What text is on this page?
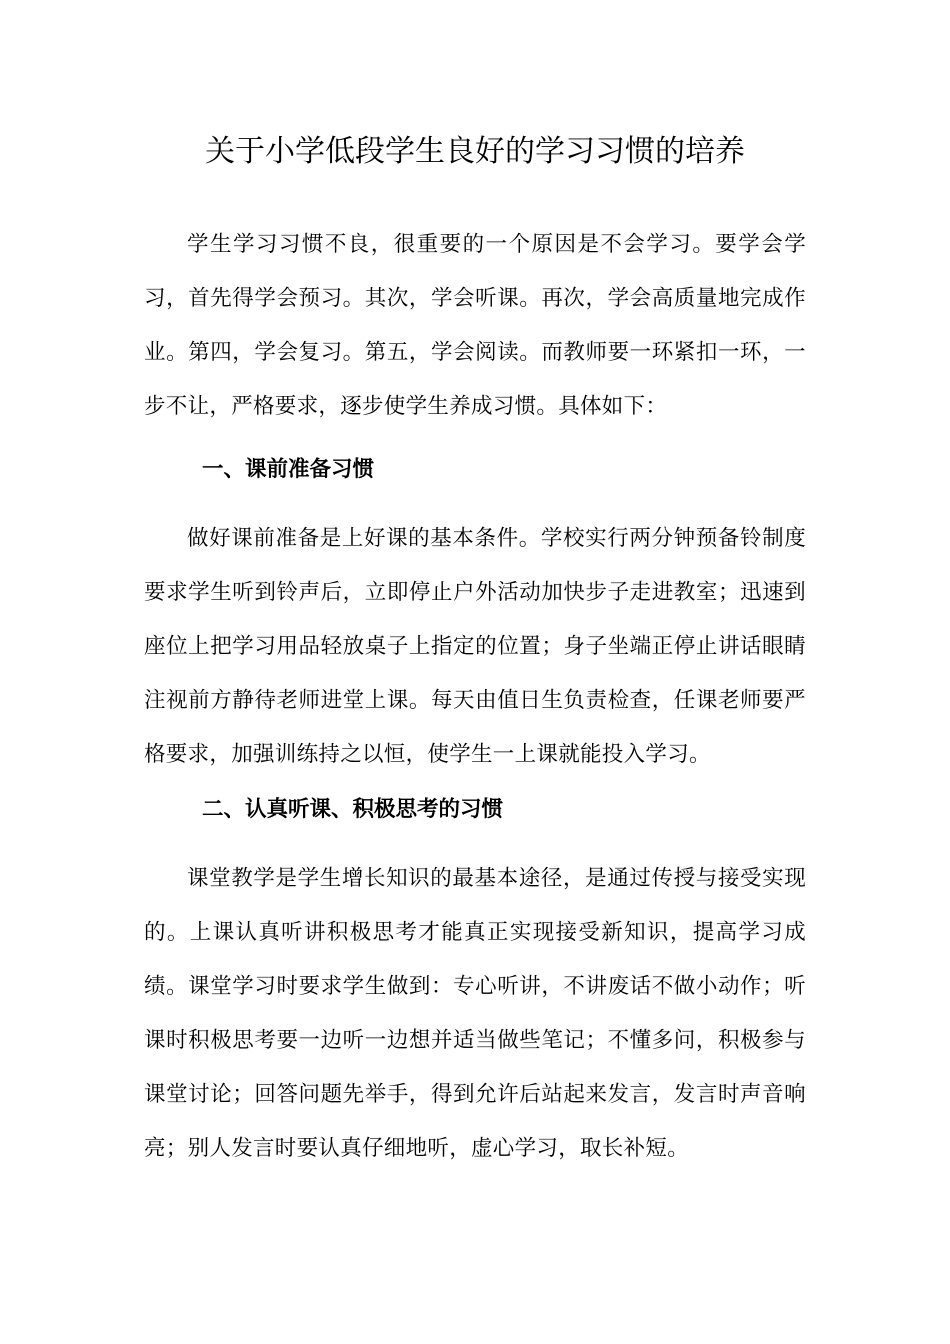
关于小学低段学生良好的学习习惯的培养

学生学习习惯不良，很重要的一个原因是不会学习。要学会学习，首先得学会预习。其次，学会听课。再次，学会高质量地完成作业。第四，学会复习。第五，学会阅读。而教师要一环紧扣一环，一步不让，严格要求，逐步使学生养成习惯。具体如下：

一、课前准备习惯

做好课前准备是上好课的基本条件。学校实行两分钟预备铃制度要求学生听到铃声后，立即停止户外活动加快步子走进教室；迅速到座位上把学习用品轻放桌子上指定的位置；身子坐端正停止讲话眼睛注视前方静待老师进堂上课。每天由值日生负责检查，任课老师要严格要求，加强训练持之以恒，使学生一上课就能投入学习。

二、认真听课、积极思考的习惯

课堂教学是学生增长知识的最基本途径，是通过传授与接受实现的。上课认真听讲积极思考才能真正实现接受新知识，提高学习成绩。课堂学习时要求学生做到：专心听讲，不讲废话不做小动作；听课时积极思考要一边听一边想并适当做些笔记；不懂多问，积极参与课堂讨论；回答问题先举手，得到允许后站起来发言，发言时声音响亮；别人发言时要认真仔细地听，虚心学习，取长补短。
